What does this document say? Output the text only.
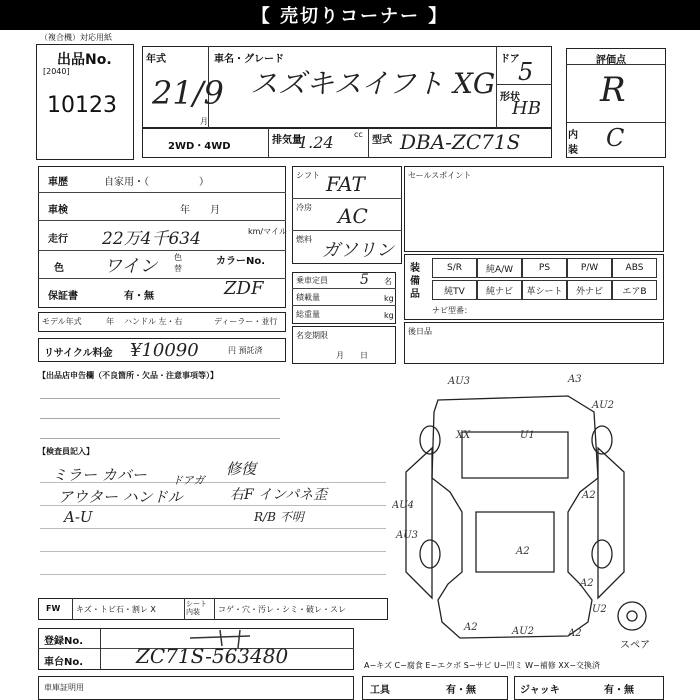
【 売切りコーナー 】
（複合機）対応用紙
出品No.
[2040]
10123
年式
21/9
月
車名・グレード
スズキスイフト XG
ドア
5
形状
HB
評価点
R
内装 C
2WD・4WD
排気量
1.24	cc
型式 DBA-ZC71S
車歴	自家用・（　　　　　）
車検	年　　月
走行 22万4千634	km/マイル
色 ワイン 色替
カラーNo.
ZDF
保証書	有・無
モデル年式	年 ハンドル 左・右	ディーラー・並行
リサイクル料金 ¥10090	円 預託済
【出品店申告欄（不良箇所・欠品・注意事項等）】
シフト FAT
冷房 AC
燃料
ガソリン
乗車定員 5 名
積載量	kg
総重量	kg
名変期限
月　　日
セールスポイント
装備品
S/R	純A/W	PS	P/W	ABS
純TV	純ナビ	革シート	外ナビ	エアB
ナビ型番：
後日品
【検査員記入】
ミラー カバー
アウター ハンドル
A-U
ドアガ
修復
右F インパネ歪
R/B 不明
FW キズ・トビ石・割レ X
シート内装	コゲ・穴・汚レ・シミ・破レ・スレ
登録No.
車台No.	ZC71S-563480
車庫証明用	工具	有・無	ジャッキ	有・無
A−キズ C−腐食 E−エクボ S−サビ U−凹ミ W−補修 XX−交換済
AU3	A3
AU2
XX	U1
A2
AU4
AU3
A2
A2
U2
A2	AU2	A2
スペア
